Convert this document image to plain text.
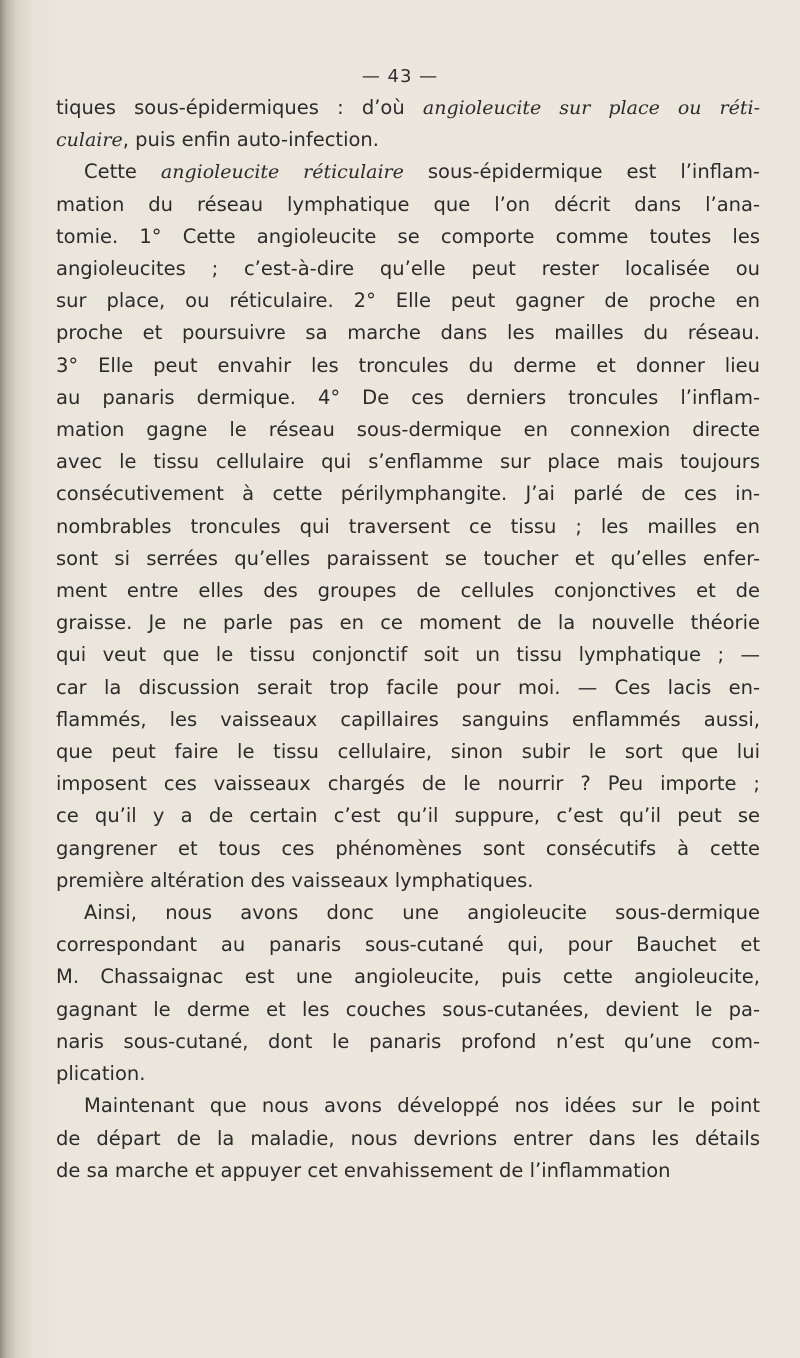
— 43 —
tiques sous-épidermiques : d’où angioleucite sur place ou réti-
culaire, puis enfin auto-infection.
Cette angioleucite réticulaire sous-épidermique est l’inflam-
mation du réseau lymphatique que l’on décrit dans l’ana-
tomie. 1° Cette angioleucite se comporte comme toutes les
angioleucites ; c’est-à-dire qu’elle peut rester localisée ou
sur place, ou réticulaire. 2° Elle peut gagner de proche en
proche et poursuivre sa marche dans les mailles du réseau.
3° Elle peut envahir les troncules du derme et donner lieu
au panaris dermique. 4° De ces derniers troncules l’inflam-
mation gagne le réseau sous-dermique en connexion directe
avec le tissu cellulaire qui s’enflamme sur place mais toujours
consécutivement à cette périlymphangite. J’ai parlé de ces in-
nombrables troncules qui traversent ce tissu ; les mailles en
sont si serrées qu’elles paraissent se toucher et qu’elles enfer-
ment entre elles des groupes de cellules conjonctives et de
graisse. Je ne parle pas en ce moment de la nouvelle théorie
qui veut que le tissu conjonctif soit un tissu lymphatique ; —
car la discussion serait trop facile pour moi. — Ces lacis en-
flammés, les vaisseaux capillaires sanguins enflammés aussi,
que peut faire le tissu cellulaire, sinon subir le sort que lui
imposent ces vaisseaux chargés de le nourrir ? Peu importe ;
ce qu’il y a de certain c’est qu’il suppure, c’est qu’il peut se
gangrener et tous ces phénomènes sont consécutifs à cette
première altération des vaisseaux lymphatiques.
Ainsi, nous avons donc une angioleucite sous-dermique
correspondant au panaris sous-cutané qui, pour Bauchet et
M. Chassaignac est une angioleucite, puis cette angioleucite,
gagnant le derme et les couches sous-cutanées, devient le pa-
naris sous-cutané, dont le panaris profond n’est qu’une com-
plication.
Maintenant que nous avons développé nos idées sur le point
de départ de la maladie, nous devrions entrer dans les détails
de sa marche et appuyer cet envahissement de l’inflammation
